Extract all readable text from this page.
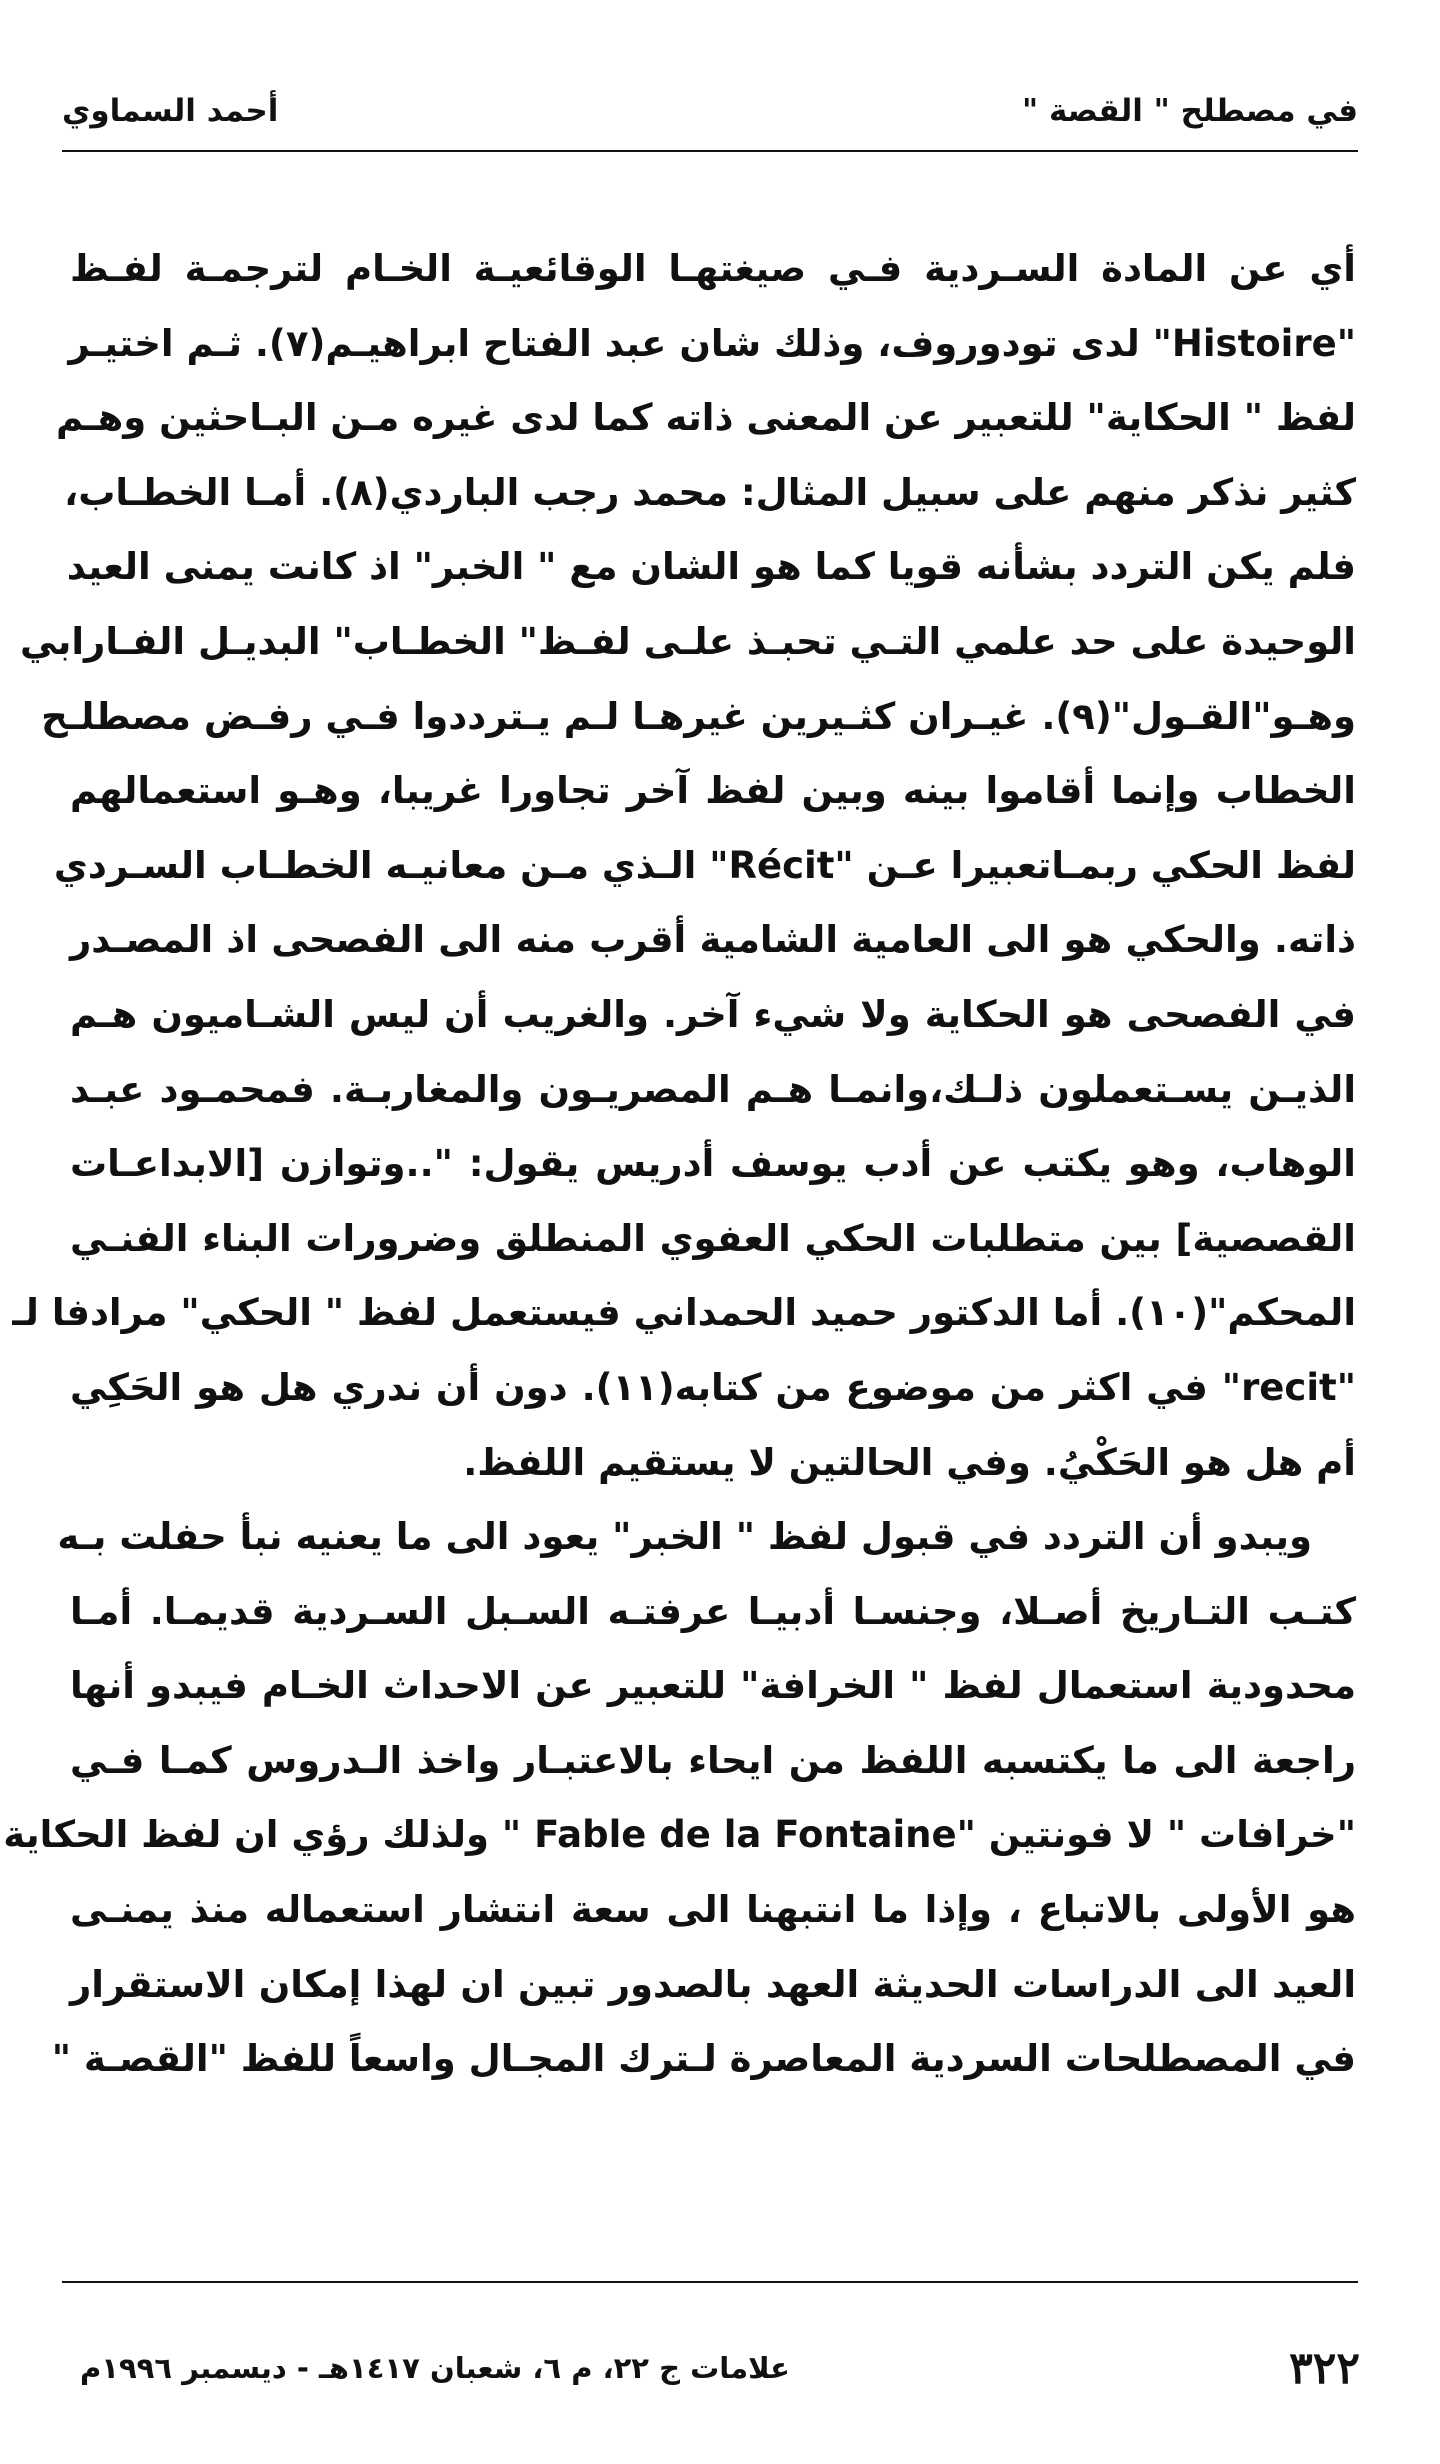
في مصطلح " القصة "
أحمد السماوي
أي عن المادة السـردية فـي صيغتهـا الوقائعيـة الخـام لترجمـة لفـظ
"Histoire" لدى تودوروف، وذلك شان عبد الفتاح ابراهيـم(٧). ثـم اختيـر
لفظ " الحكاية" للتعبير عن المعنى ذاته كما لدى غيره مـن البـاحثين وهـم
كثير نذكر منهم على سبيل المثال: محمد رجب الباردي(٨). أمـا الخطـاب،
فلم يكن التردد بشأنه قويا كما هو الشان مع " الخبر" اذ كانت يمنى العيد
الوحيدة على حد علمي التـي تحبـذ علـى لفـظ" الخطـاب" البديـل الفـارابي
وهـو"القـول"(٩). غيـران كثـيرين غيرهـا لـم يـترددوا فـي رفـض مصطلـح
الخطاب وإنما أقاموا بينه وبين لفظ آخر تجاورا غريبا، وهـو استعمالهم
لفظ الحكي ربمـاتعبيرا عـن "Récit" الـذي مـن معانيـه الخطـاب السـردي
ذاته. والحكي هو الى العامية الشامية أقرب منه الى الفصحى اذ المصـدر
في الفصحى هو الحكاية ولا شيء آخر. والغريب أن ليس الشـاميون هـم
الذيـن يسـتعملون ذلـك،وانمـا هـم المصريـون والمغاربـة. فمحمـود عبـد
الوهاب، وهو يكتب عن أدب يوسف أدريس يقول: "..وتوازن [الابداعـات
القصصية] بين متطلبات الحكي العفوي المنطلق وضرورات البناء الفنـي
المحكم"(١٠). أما الدكتور حميد الحمداني فيستعمل لفظ " الحكي" مرادفا لـ
"recit" في اكثر من موضوع من كتابه(١١). دون أن ندري هل هو الحَكِي
أم هل هو الحَكْيُ. وفي الحالتين لا يستقيم اللفظ.
ويبدو أن التردد في قبول لفظ " الخبر" يعود الى ما يعنيه نبأ حفلت بـه
كتـب التـاريخ أصـلا، وجنسـا أدبيـا عرفتـه السـبل السـردية قديمـا. أمـا
محدودية استعمال لفظ " الخرافة" للتعبير عن الاحداث الخـام فيبدو أنها
راجعة الى ما يكتسبه اللفظ من ايحاء بالاعتبـار واخذ الـدروس كمـا فـي
"خرافات " لا فونتين "Fable de la Fontaine " ولذلك رؤي ان لفظ الحكاية
هو الأولى بالاتباع ، وإذا ما انتبهنا الى سعة انتشار استعماله منذ يمنـى
العيد الى الدراسات الحديثة العهد بالصدور تبين ان لهذا إمكان الاستقرار
في المصطلحات السردية المعاصرة لـترك المجـال واسعاً للفظ "القصـة "
٣٢٢
علامات ج ٢٢، م ٦، شعبان ١٤١٧هـ - ديسمبر ١٩٩٦م
